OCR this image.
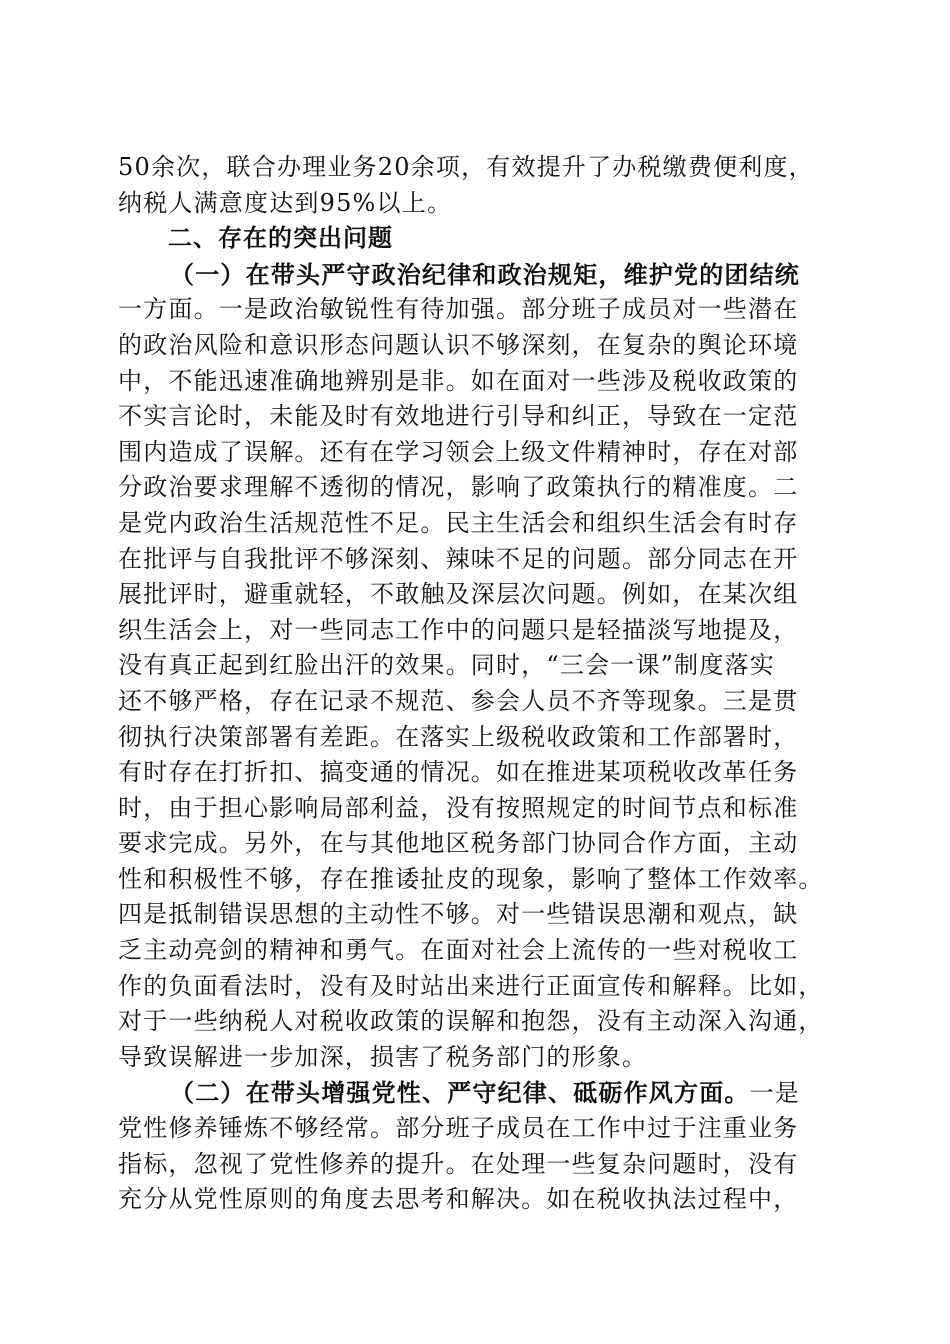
50余次，联合办理业务20余项，有效提升了办税缴费便利度，
纳税人满意度达到95%以上。
二、存在的突出问题
（一）在带头严守政治纪律和政治规矩，维护党的团结统
一方面。一是政治敏锐性有待加强。部分班子成员对一些潜在
的政治风险和意识形态问题认识不够深刻，在复杂的舆论环境
中，不能迅速准确地辨别是非。如在面对一些涉及税收政策的
不实言论时，未能及时有效地进行引导和纠正，导致在一定范
围内造成了误解。还有在学习领会上级文件精神时，存在对部
分政治要求理解不透彻的情况，影响了政策执行的精准度。二
是党内政治生活规范性不足。民主生活会和组织生活会有时存
在批评与自我批评不够深刻、辣味不足的问题。部分同志在开
展批评时，避重就轻，不敢触及深层次问题。例如，在某次组
织生活会上，对一些同志工作中的问题只是轻描淡写地提及，
没有真正起到红脸出汗的效果。同时，“三会一课”制度落实
还不够严格，存在记录不规范、参会人员不齐等现象。三是贯
彻执行决策部署有差距。在落实上级税收政策和工作部署时，
有时存在打折扣、搞变通的情况。如在推进某项税收改革任务
时，由于担心影响局部利益，没有按照规定的时间节点和标准
要求完成。另外，在与其他地区税务部门协同合作方面，主动
性和积极性不够，存在推诿扯皮的现象，影响了整体工作效率。
四是抵制错误思想的主动性不够。对一些错误思潮和观点，缺
乏主动亮剑的精神和勇气。在面对社会上流传的一些对税收工
作的负面看法时，没有及时站出来进行正面宣传和解释。比如，
对于一些纳税人对税收政策的误解和抱怨，没有主动深入沟通，
导致误解进一步加深，损害了税务部门的形象。
（二）在带头增强党性、严守纪律、砥砺作风方面。一是
党性修养锤炼不够经常。部分班子成员在工作中过于注重业务
指标，忽视了党性修养的提升。在处理一些复杂问题时，没有
充分从党性原则的角度去思考和解决。如在税收执法过程中，
